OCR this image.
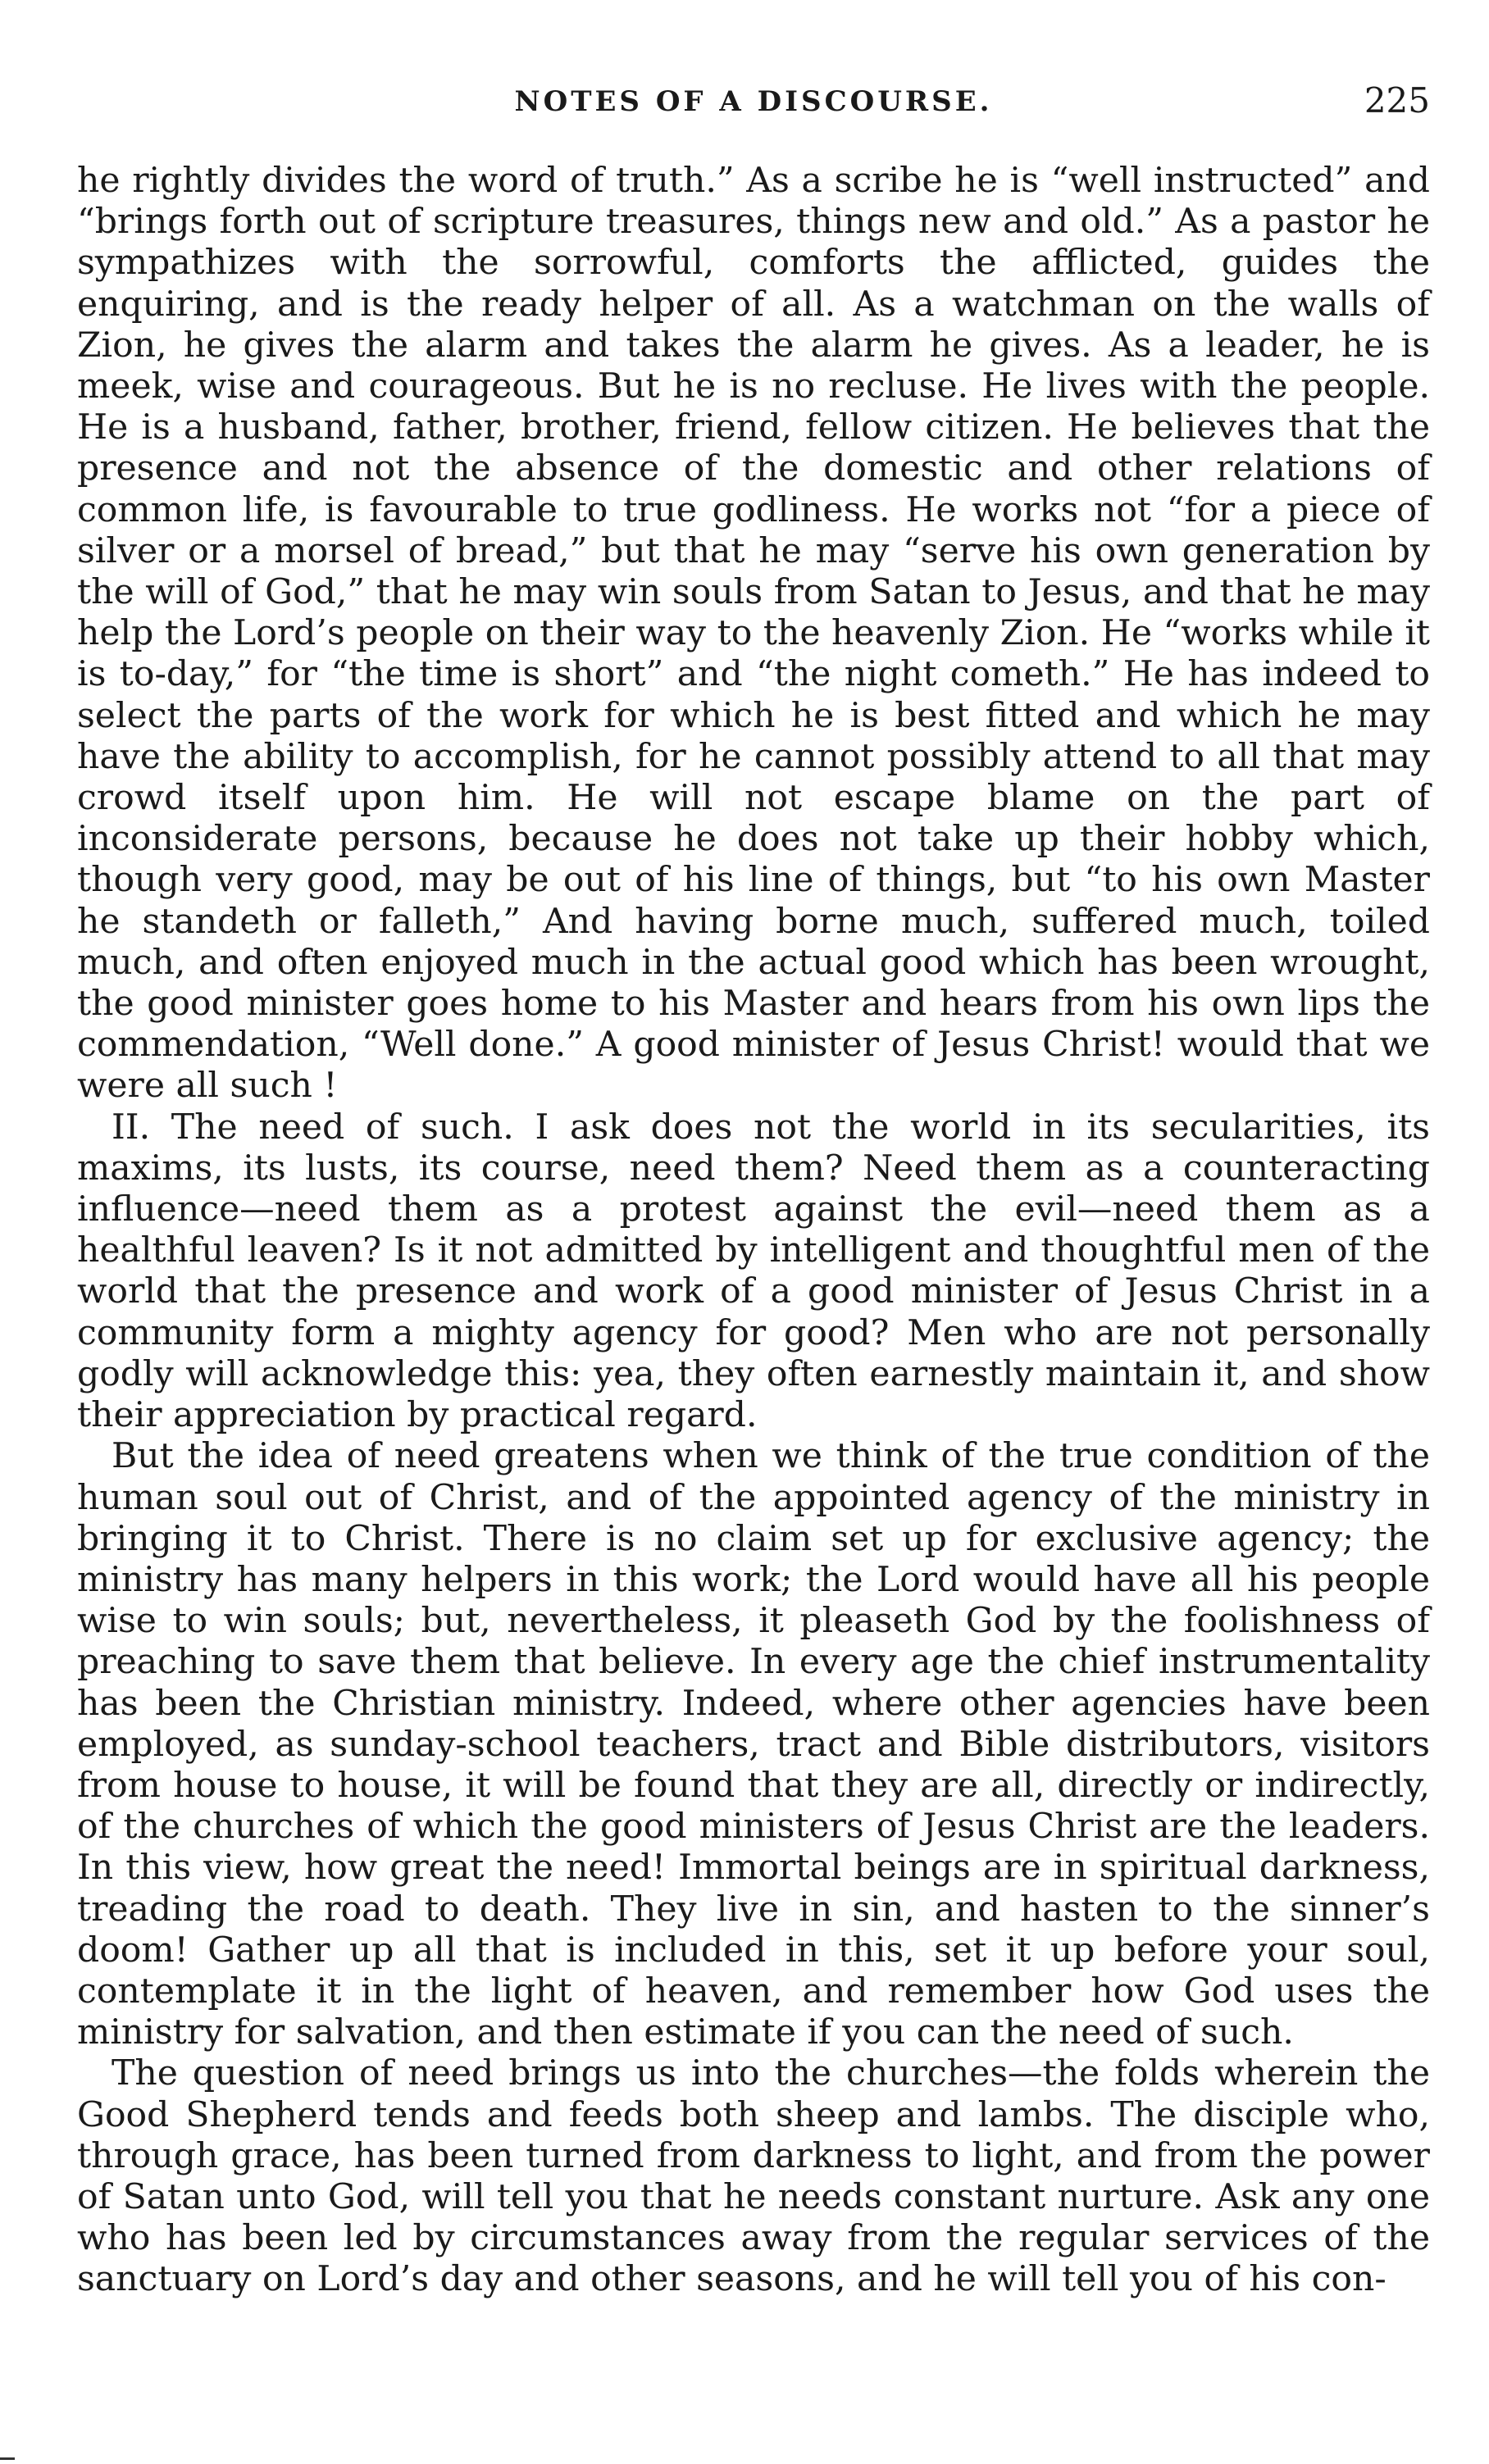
NOTES OF A DISCOURSE.	225

he rightly divides the word of truth.” As a scribe he is “well instructed” and “brings forth out of scripture treasures, things new and old.” As a pastor he sympathizes with the sorrowful, comforts the afflicted, guides the enquiring, and is the ready helper of all. As a watchman on the walls of Zion, he gives the alarm and takes the alarm he gives. As a leader, he is meek, wise and courageous. But he is no recluse. He lives with the people. He is a husband, father, brother, friend, fellow citizen. He believes that the presence and not the absence of the domestic and other relations of common life, is favourable to true godliness. He works not “for a piece of silver or a morsel of bread,” but that he may “serve his own generation by the will of God,” that he may win souls from Satan to Jesus, and that he may help the Lord’s people on their way to the heavenly Zion. He “works while it is to-day,” for “the time is short” and “the night cometh.” He has indeed to select the parts of the work for which he is best fitted and which he may have the ability to accomplish, for he cannot possibly attend to all that may crowd itself upon him. He will not escape blame on the part of inconsiderate persons, because he does not take up their hobby which, though very good, may be out of his line of things, but “to his own Master he standeth or falleth,” And having borne much, suffered much, toiled much, and often enjoyed much in the actual good which has been wrought, the good minister goes home to his Master and hears from his own lips the commendation, “Well done.” A good minister of Jesus Christ! would that we were all such !

II. The need of such. I ask does not the world in its secularities, its maxims, its lusts, its course, need them? Need them as a counteracting influence—need them as a protest against the evil—need them as a healthful leaven? Is it not admitted by intelligent and thoughtful men of the world that the presence and work of a good minister of Jesus Christ in a community form a mighty agency for good? Men who are not personally godly will acknowledge this: yea, they often earnestly maintain it, and show their appreciation by practical regard.

But the idea of need greatens when we think of the true condition of the human soul out of Christ, and of the appointed agency of the ministry in bringing it to Christ. There is no claim set up for exclusive agency; the ministry has many helpers in this work; the Lord would have all his people wise to win souls; but, nevertheless, it pleaseth God by the foolishness of preaching to save them that believe. In every age the chief instrumentality has been the Christian ministry. Indeed, where other agencies have been employed, as sunday-school teachers, tract and Bible distributors, visitors from house to house, it will be found that they are all, directly or indirectly, of the churches of which the good ministers of Jesus Christ are the leaders. In this view, how great the need! Immortal beings are in spiritual darkness, treading the road to death. They live in sin, and hasten to the sinner’s doom! Gather up all that is included in this, set it up before your soul, contemplate it in the light of heaven, and remember how God uses the ministry for salvation, and then estimate if you can the need of such.

The question of need brings us into the churches—the folds wherein the Good Shepherd tends and feeds both sheep and lambs. The disciple who, through grace, has been turned from darkness to light, and from the power of Satan unto God, will tell you that he needs constant nurture. Ask any one who has been led by circumstances away from the regular services of the sanctuary on Lord’s day and other seasons, and he will tell you of his con-
